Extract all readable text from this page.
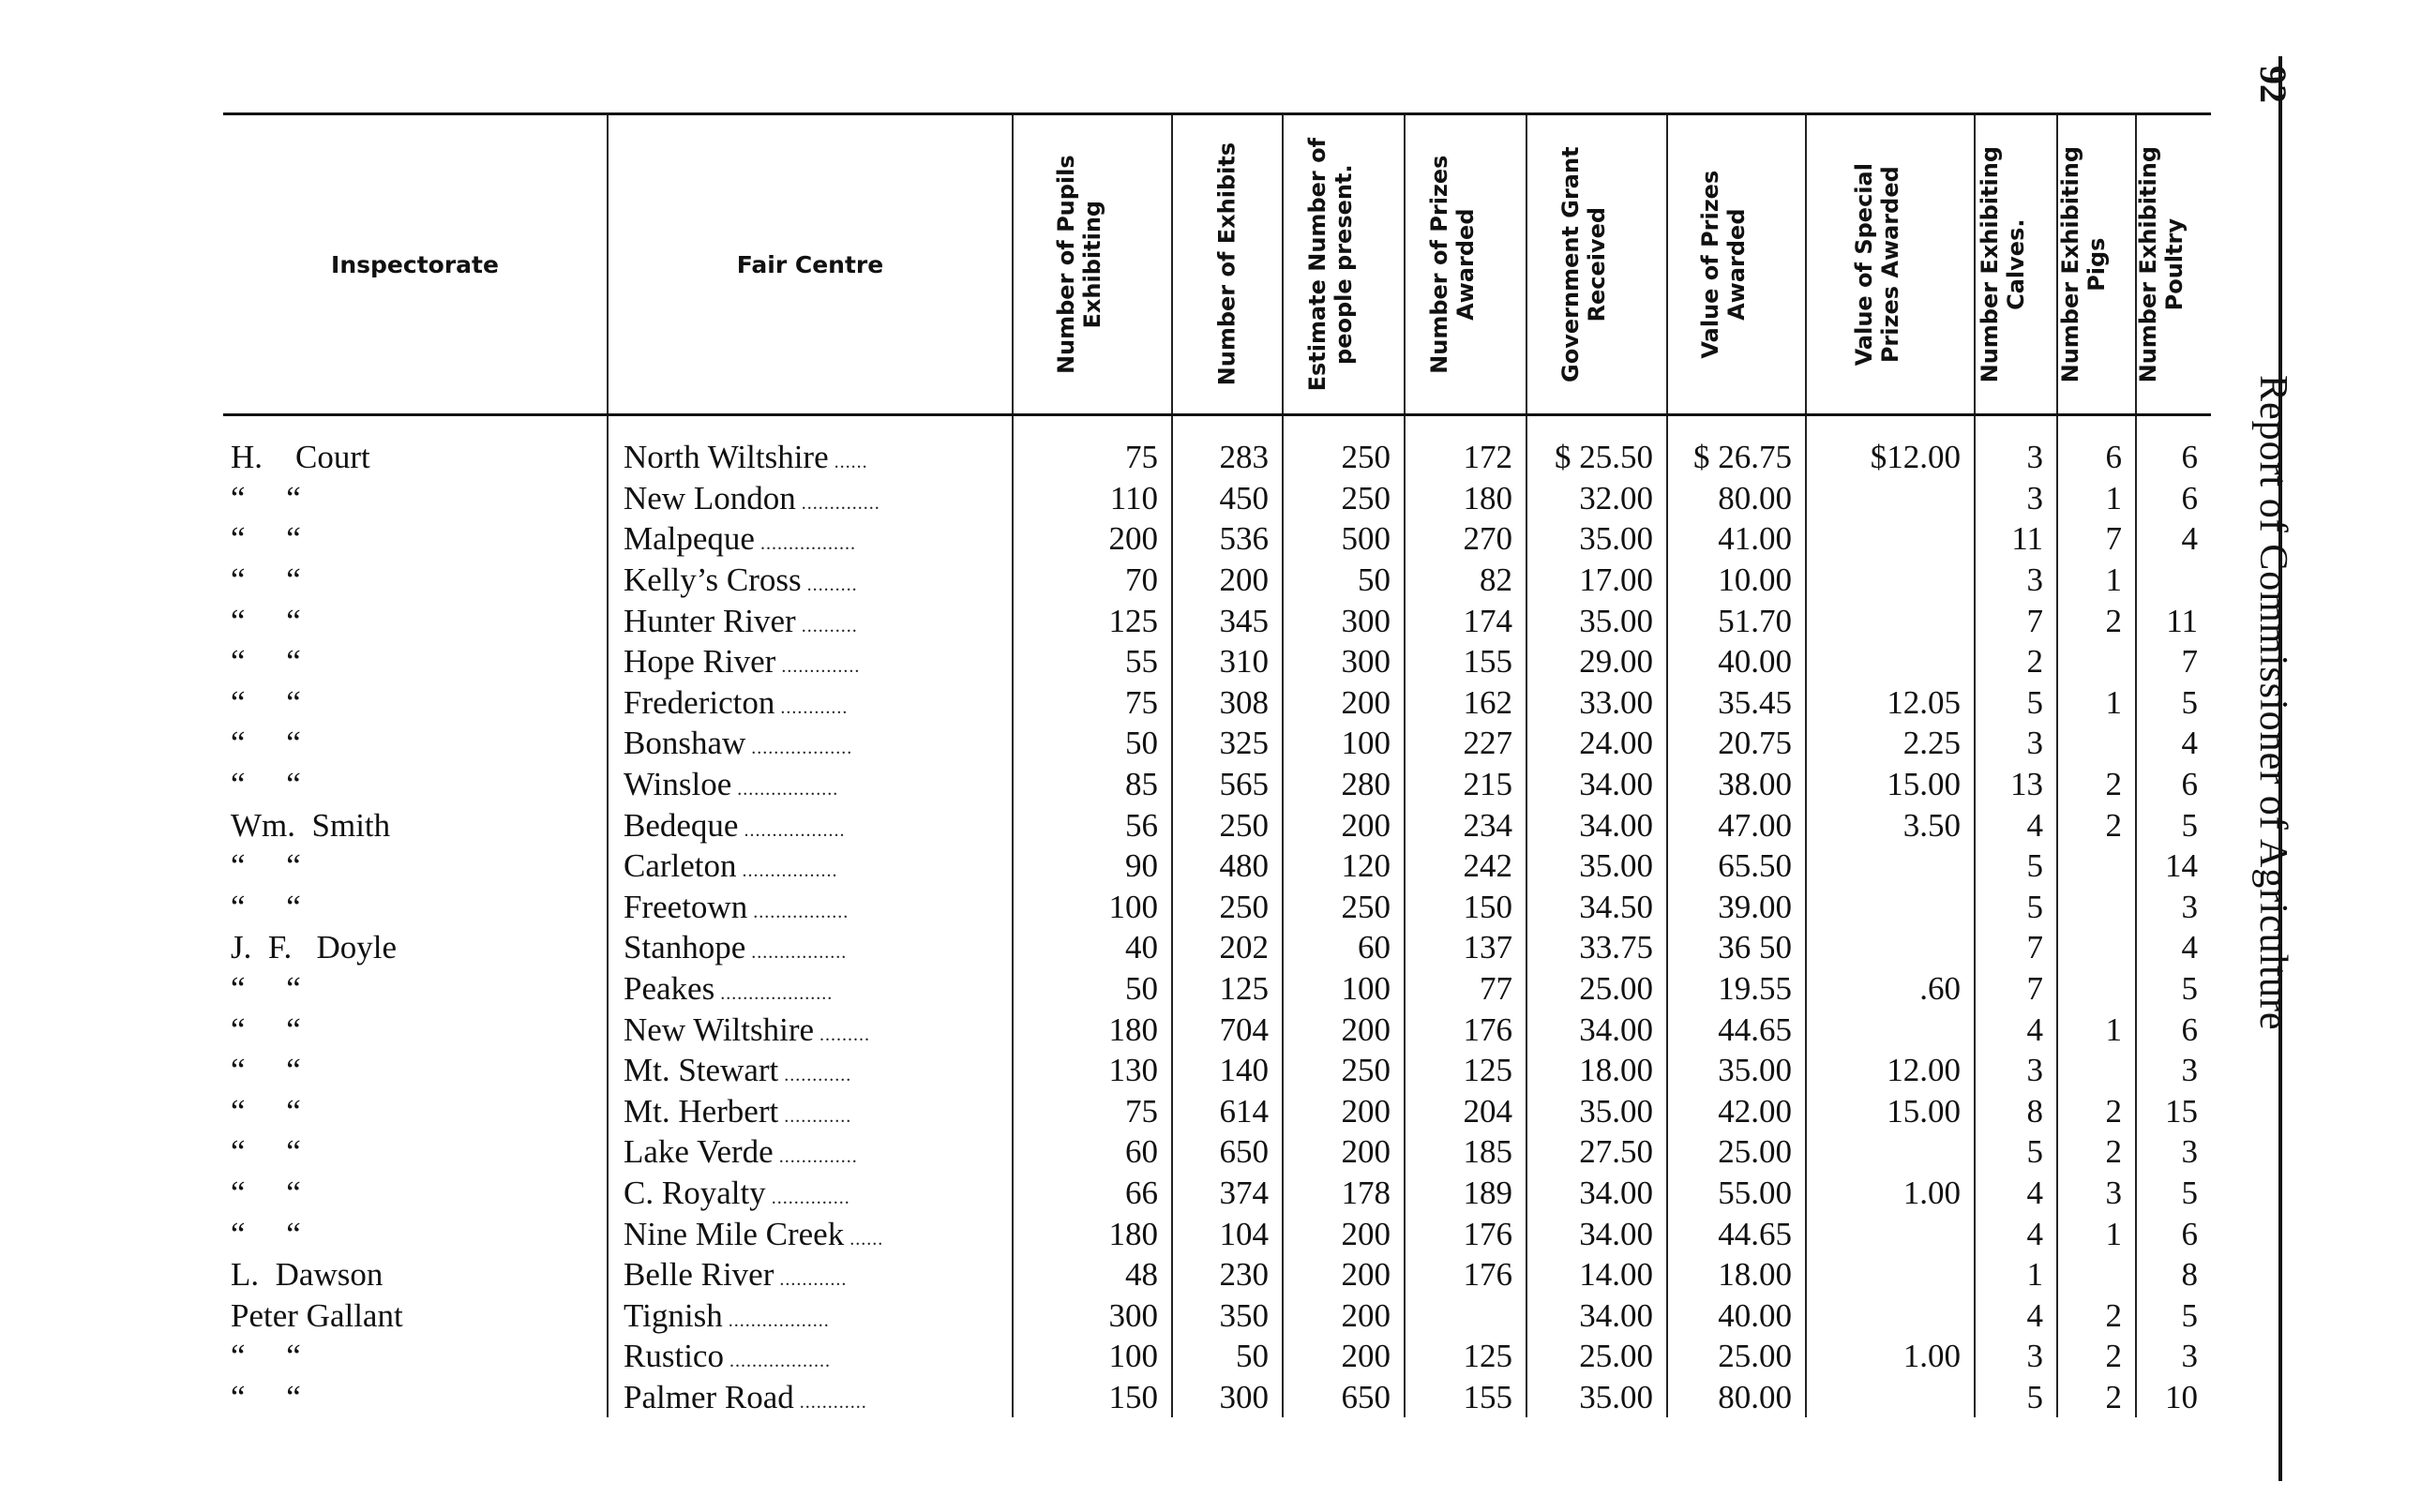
Inspectorate	Fair Centre	Number of Pupils Exhibiting	Number of Exhibits	Estimate Number of people present.	Number of Prizes Awarded	Government Grant Received	Value of Prizes Awarded	Value of Special Prizes Awarded	Number Exhibiting Calves.	Number Exhibiting Pigs	Number Exhibiting Poultry

H.    Court	North Wiltshire ......	75	283	250	172	$ 25.50	$ 26.75	$12.00	3	6	6
“     “	New London ..............	110	450	250	180	32.00	80.00		3	1	6
“     “	Malpeque .................	200	536	500	270	35.00	41.00		11	7	4
“     “	Kelly’s Cross .........	70	200	50	82	17.00	10.00		3	1	
“     “	Hunter River ..........	125	345	300	174	35.00	51.70		7	2	11
“     “	Hope River ..............	55	310	300	155	29.00	40.00		2		7
“     “	Fredericton ............	75	308	200	162	33.00	35.45	12.05	5	1	5
“     “	Bonshaw ..................	50	325	100	227	24.00	20.75	2.25	3		4
“     “	Winsloe ..................	85	565	280	215	34.00	38.00	15.00	13	2	6
Wm.  Smith	Bedeque ..................	56	250	200	234	34.00	47.00	3.50	4	2	5
“     “	Carleton .................	90	480	120	242	35.00	65.50		5		14
“     “	Freetown .................	100	250	250	150	34.50	39.00		5		3
J.  F.   Doyle	Stanhope .................	40	202	60	137	33.75	36 50		7		4
“     “	Peakes ....................	50	125	100	77	25.00	19.55	.60	7		5
“     “	New Wiltshire .........	180	704	200	176	34.00	44.65		4	1	6
“     “	Mt. Stewart ............	130	140	250	125	18.00	35.00	12.00	3		3
“     “	Mt. Herbert ............	75	614	200	204	35.00	42.00	15.00	8	2	15
“     “	Lake Verde ..............	60	650	200	185	27.50	25.00		5	2	3
“     “	C. Royalty ..............	66	374	178	189	34.00	55.00	1.00	4	3	5
“     “	Nine Mile Creek ......	180	104	200	176	34.00	44.65		4	1	6
L.  Dawson	Belle River ............	48	230	200	176	14.00	18.00		1		8
Peter Gallant	Tignish ..................	300	350	200		34.00	40.00		4	2	5
“     “	Rustico ..................	100	50	200	125	25.00	25.00	1.00	3	2	3
“     “	Palmer Road ............	150	300	650	155	35.00	80.00		5	2	10
92
Report of Commissioner of Agriculture
